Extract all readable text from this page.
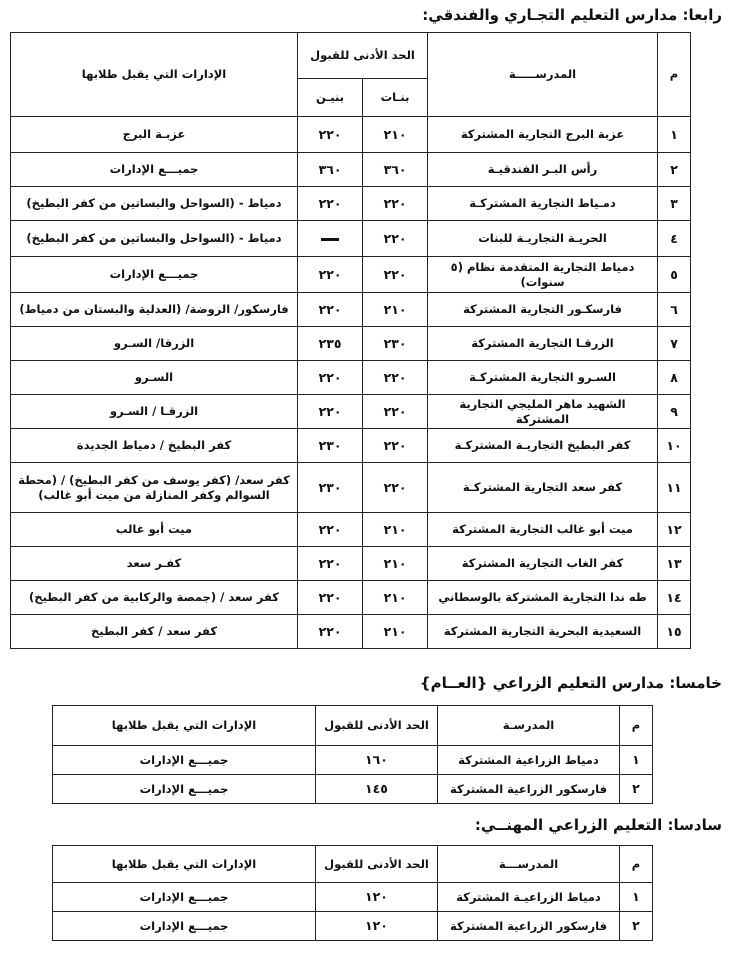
رابعا: مدارس التعليم التجـاري والفندقي:
م	المدرســـــة	الحد الأدنى للقبول		الإدارات التي يقبل طلابها
		بنـات	بنيـن	
١	عزبة البرج التجارية المشتركة	٢١٠	٢٢٠	عزبـة البرج
٢	رأس البـر الفندقيـة	٣٦٠	٣٦٠	جميـــع الإدارات
٣	دمـياط التجارية المشتركـة	٢٢٠	٢٢٠	دمياط - (السواحل والبساتين من كفر البطيخ)
٤	الحريـة التجاريـة للبنات	٢٢٠		دمياط - (السواحل والبساتين من كفر البطيخ)
٥	دمياط التجارية المتقدمة نظام (٥ سنوات)	٢٢٠	٢٢٠	جميـــع الإدارات
٦	فارسكـور التجارية المشتركة	٢١٠	٢٢٠	فارسكور/ الروضة/ (العدلية والبستان من دمياط)
٧	الزرقـا التجارية المشتركة	٢٣٠	٢٣٥	الزرقا/ السـرو
٨	السـرو التجارية المشتركـة	٢٢٠	٢٢٠	السـرو
٩	الشهيد ماهر المليجي التجارية المشتركة	٢٢٠	٢٢٠	الزرقـا / السـرو
١٠	كفر البطيخ التجاريـة المشتركـة	٢٢٠	٢٣٠	كفر البطيخ / دمياط الجديدة
١١	كفر سعد التجارية المشتركـة	٢٢٠	٢٣٠	كفر سعد/ (كفر يوسف من كفر البطيخ) / (محطة السوالم وكفر المنازلة من ميت أبو غالب)
١٢	ميت أبو غالب التجارية المشتركة	٢١٠	٢٢٠	ميت أبو غالب
١٣	كفر الغاب التجارية المشتركة	٢١٠	٢٢٠	كفـر سعد
١٤	طه ندا التجارية المشتركة بالوسطاني	٢١٠	٢٢٠	كفر سعد / (جمصة والركابية من كفر البطيخ)
١٥	السعيدية البحرية التجارية المشتركة	٢١٠	٢٢٠	كفر سعد / كفر البطيخ
خامسا: مدارس التعليم الزراعي {العــام}
م	المدرسـة	الحد الأدنى للقبول	الإدارات التي يقبل طلابها
١	دمياط الزراعية المشتركة	١٦٠	جميـــع الإدارات
٢	فارسكور الزراعية المشتركة	١٤٥	جميـــع الإدارات
سادسا: التعليم الزراعي المهنــي:
م	المدرســـة	الحد الأدنى للقبول	الإدارات التي يقبل طلابها
١	دمياط الزراعيـة المشتركة	١٢٠	جميـــع الإدارات
٢	فارسكور الزراعية المشتركة	١٢٠	جميـــع الإدارات
